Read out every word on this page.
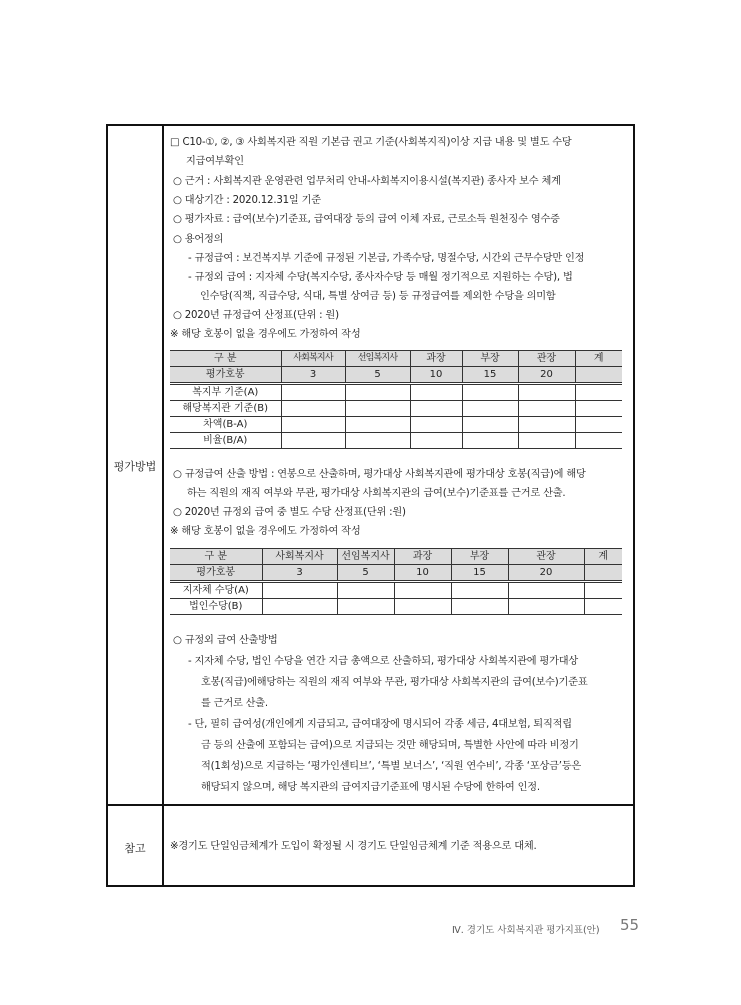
평가방법
참고
□ C10-①, ②, ③ 사회복지관 직원 기본급 권고 기준(사회복지직)이상 지급 내용 및 별도 수당
지급여부확인
○ 근거 : 사회복지관 운영관련 업무처리 안내-사회복지이용시설(복지관) 종사자 보수 체계
○ 대상기간 : 2020.12.31일 기준
○ 평가자료 : 급여(보수)기준표, 급여대장 등의 급여 이체 자료, 근로소득 원천징수 영수증
○ 용어정의
- 규정급여 : 보건복지부 기준에 규정된 기본급, 가족수당, 명절수당, 시간외 근무수당만 인정
- 규정외 급여 : 지자체 수당(복지수당, 종사자수당 등 매월 정기적으로 지원하는 수당), 법
인수당(직책, 직급수당, 식대, 특별 상여금 등) 등 규정급여를 제외한 수당을 의미함
○ 2020년 규정급여 산정표(단위 : 원)
※ 해당 호봉이 없을 경우에도 가정하여 작성
구 분	사회복지사	선임복지사	과장	부장	관장	계
평가호봉	3	5	10	15	20	
복지부 기준(A)						
해당복지관 기준(B)						
차액(B-A)						
비율(B/A)						
○ 규정급여 산출 방법 : 연봉으로 산출하며, 평가대상 사회복지관에 평가대상 호봉(직급)에 해당
하는 직원의 재직 여부와 무관, 평가대상 사회복지관의 급여(보수)기준표를 근거로 산출.
○ 2020년 규정외 급여 중 별도 수당 산정표(단위 :원)
※ 해당 호봉이 없을 경우에도 가정하여 작성
구 분	사회복지사	선임복지사	과장	부장	관장	계
평가호봉	3	5	10	15	20	
지자체 수당(A)						
법인수당(B)						
○ 규정외 급여 산출방법
- 지자체 수당, 법인 수당을 연간 지급 총액으로 산출하되, 평가대상 사회복지관에 평가대상
호봉(직급)에해당하는 직원의 재직 여부와 무관, 평가대상 사회복지관의 급여(보수)기준표
를 근거로 산출.
- 단, 필히 급여성(개인에게 지급되고, 급여대장에 명시되어 각종 세금, 4대보험, 퇴직적립
금 등의 산출에 포함되는 급여)으로 지급되는 것만 해당되며, 특별한 사안에 따라 비정기
적(1회성)으로 지급하는 ‘평가인센티브’, ‘특별 보너스’, ‘직원 연수비’, 각종 ‘포상금’등은
해당되지 않으며, 해당 복지관의 급여지급기준표에 명시된 수당에 한하여 인정.
※경기도 단일임금체계가 도입이 확정될 시 경기도 단일임금체계 기준 적용으로 대체.
Ⅳ. 경기도 사회복지관 평가지표(안) 55
